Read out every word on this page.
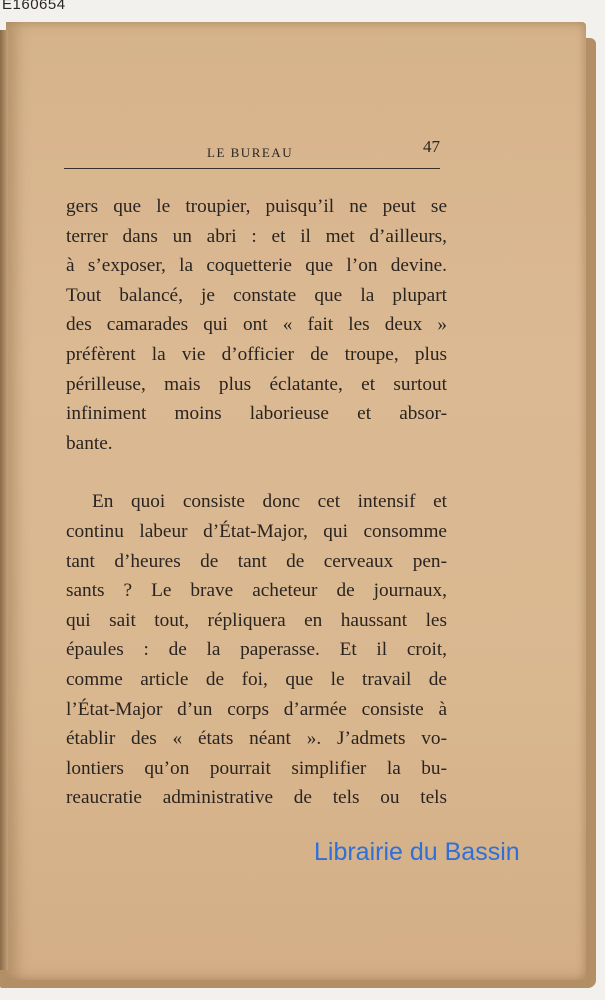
E160654
LE BUREAU	47
gers que le troupier, puisqu’il ne peut se
terrer dans un abri : et il met d’ailleurs,
à s’exposer, la coquetterie que l’on devine.
Tout balancé, je constate que la plupart
des camarades qui ont « fait les deux »
préfèrent la vie d’officier de troupe, plus
périlleuse, mais plus éclatante, et surtout
infiniment moins laborieuse et absor-
bante.
En quoi consiste donc cet intensif et
continu labeur d’État-Major, qui consomme
tant d’heures de tant de cerveaux pen-
sants ? Le brave acheteur de journaux,
qui sait tout, répliquera en haussant les
épaules : de la paperasse. Et il croit,
comme article de foi, que le travail de
l’État-Major d’un corps d’armée consiste à
établir des « états néant ». J’admets vo-
lontiers qu’on pourrait simplifier la bu-
reaucratie administrative de tels ou tels
Librairie du Bassin
